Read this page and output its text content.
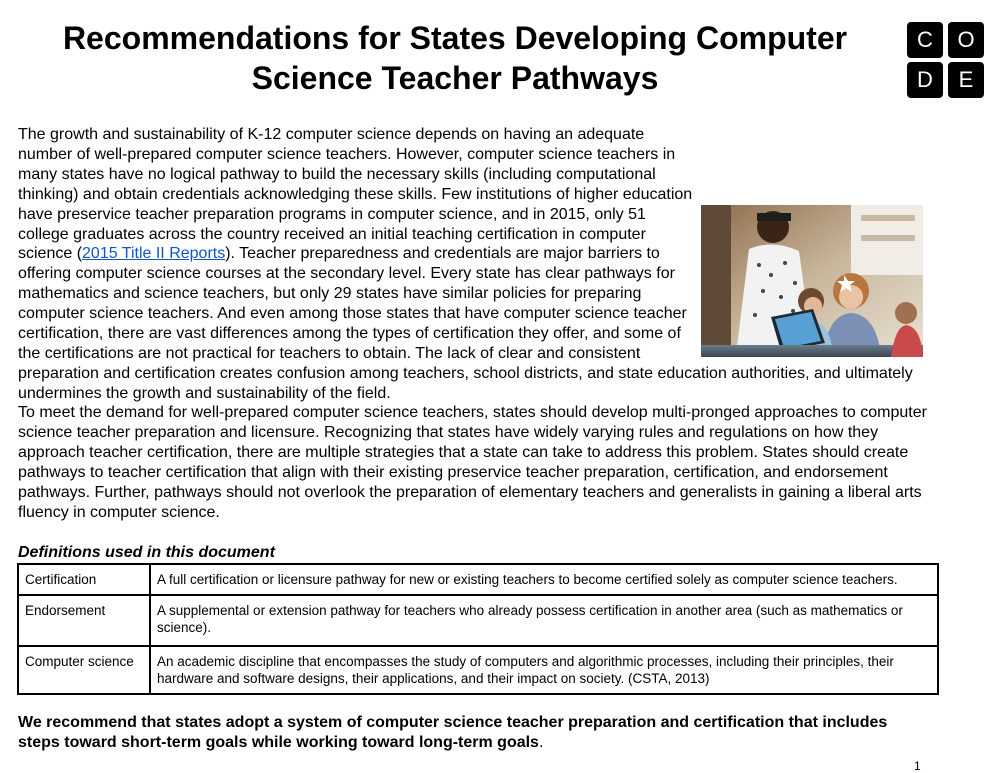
Recommendations for States Developing Computer Science Teacher Pathways
C	O
D	E
The growth and sustainability of K-12 computer science depends on having an adequate number of well-prepared computer science teachers. However, computer science teachers in many states have no logical pathway to build the necessary skills (including computational thinking) and obtain credentials acknowledging these skills. Few institutions of higher education have preservice teacher preparation programs in computer science, and in 2015, only 51 college graduates across the country received an initial teaching certification in computer science (2015 Title II Reports). Teacher preparedness and credentials are major barriers to offering computer science courses at the secondary level. Every state has clear pathways for mathematics and science teachers, but only 29 states have similar policies for preparing computer science teachers. And even among those states that have computer science teacher certification, there are vast differences among the types of certification they offer, and some of the certifications are not practical for teachers to obtain. The lack of clear and consistent preparation and certification creates confusion among teachers, school districts, and state education authorities, and ultimately undermines the growth and sustainability of the field.

To meet the demand for well-prepared computer science teachers, states should develop multi-pronged approaches to computer science teacher preparation and licensure. Recognizing that states have widely varying rules and regulations on how they approach teacher certification, there are multiple strategies that a state can take to address this problem. States should create pathways to teacher certification that align with their existing preservice teacher preparation, certification, and endorsement pathways. Further, pathways should not overlook the preparation of elementary teachers and generalists in gaining a liberal arts fluency in computer science.

Definitions used in this document

Certification	A full certification or licensure pathway for new or existing teachers to become certified solely as computer science teachers.
Endorsement	A supplemental or extension pathway for teachers who already possess certification in another area (such as mathematics or science).
Computer science	An academic discipline that encompasses the study of computers and algorithmic processes, including their principles, their hardware and software designs, their applications, and their impact on society. (CSTA, 2013)

We recommend that states adopt a system of computer science teacher preparation and certification that includes steps toward short-term goals while working toward long-term goals.

1
